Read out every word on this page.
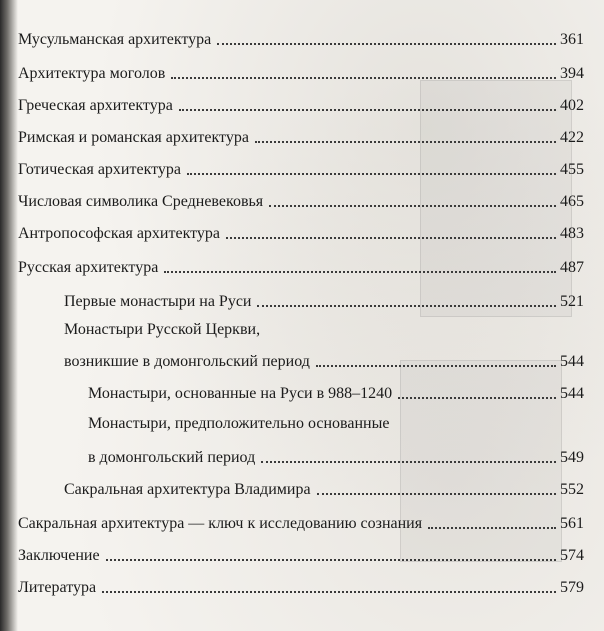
Мусульманская архитектура	361
Архитектура моголов	394
Греческая архитектура	402
Римская и романская архитектура	422
Готическая архитектура	455
Числовая символика Средневековья	465
Антропософская архитектура	483
Русская архитектура	487
Первые монастыри на Руси	521
Монастыри Русской Церкви,
возникшие в домонгольский период	544
Монастыри, основанные на Руси в 988–1240	544
Монастыри, предположительно основанные
в домонгольский период	549
Сакральная архитектура Владимира	552
Сакральная архитектура — ключ к исследованию сознания	561
Заключение	574
Литература	579
